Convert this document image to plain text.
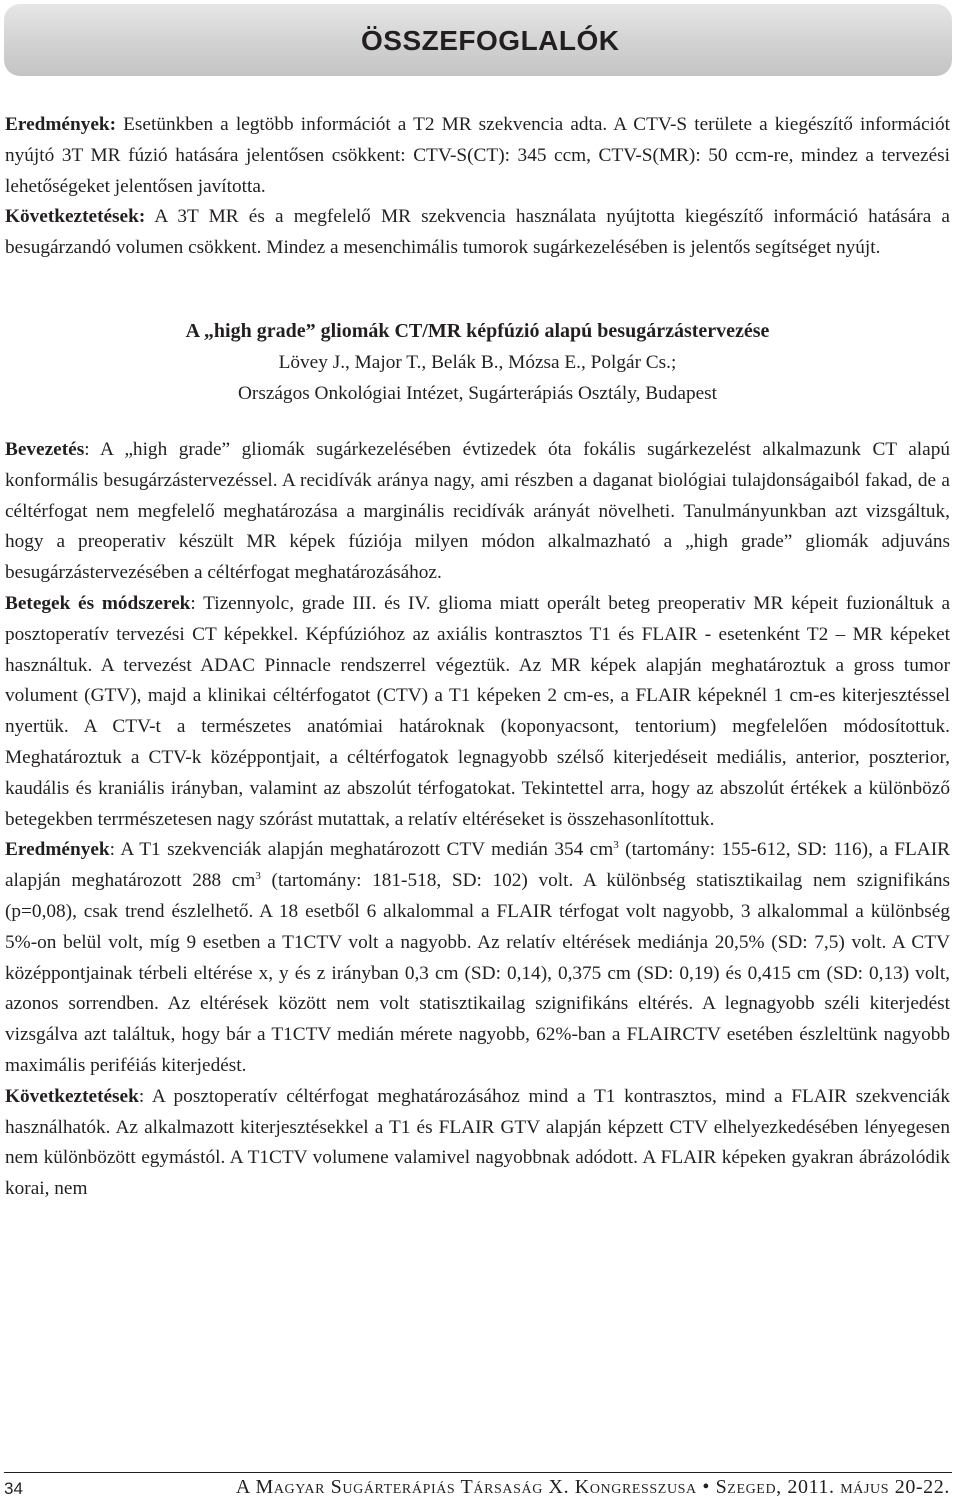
ÖSSZEFOGLALÓK

Eredmények: Esetünkben a legtöbb információt a T2 MR szekvencia adta. A CTV-S területe a kiegészítő információt nyújtó 3T MR fúzió hatására jelentősen csökkent: CTV-S(CT): 345 ccm, CTV-S(MR): 50 ccm-re, mindez a tervezési lehetőségeket jelentősen javította.

Következtetések: A 3T MR és a megfelelő MR szekvencia használata nyújtotta kiegészítő információ hatására a besugárzandó volumen csökkent. Mindez a mesenchimális tumorok sugárkezelésében is jelentős segítséget nyújt.

A „high grade” gliomák CT/MR képfúzió alapú besugárzástervezése
Lövey J., Major T., Belák B., Mózsa E., Polgár Cs.;
Országos Onkológiai Intézet, Sugárterápiás Osztály, Budapest

Bevezetés: A „high grade” gliomák sugárkezelésében évtizedek óta fokális sugárkezelést alkalmazunk CT alapú konformális besugárzástervezéssel. A recidívák aránya nagy, ami részben a daganat biológiai tulajdonságaiból fakad, de a céltérfogat nem megfelelő meghatározása a marginális recidívák arányát növelheti. Tanulmányunkban azt vizsgáltuk, hogy a preoperativ készült MR képek fúziója milyen módon alkalmazható a „high grade” gliomák adjuváns besugárzástervezésében a céltérfogat meghatározásához.

Betegek és módszerek: Tizennyolc, grade III. és IV. glioma miatt operált beteg preoperativ MR képeit fuzionáltuk a posztoperatív tervezési CT képekkel. Képfúzióhoz az axiális kontrasztos T1 és FLAIR - esetenként T2 – MR képeket használtuk. A tervezést ADAC Pinnacle rendszerrel végeztük. Az MR képek alapján meghatároztuk a gross tumor volument (GTV), majd a klinikai céltérfogatot (CTV) a T1 képeken 2 cm-es, a FLAIR képeknél 1 cm-es kiterjesztéssel nyertük. A CTV-t a természetes anatómiai határoknak (koponyacsont, tentorium) megfelelően módosítottuk. Meghatároztuk a CTV-k középpontjait, a céltérfogatok legnagyobb szélső kiterjedéseit mediális, anterior, poszterior, kaudális és kraniális irányban, valamint az abszolút térfogatokat. Tekintettel arra, hogy az abszolút értékek a különböző betegekben terrmészetesen nagy szórást mutattak, a relatív eltéréseket is összehasonlítottuk.

Eredmények: A T1 szekvenciák alapján meghatározott CTV medián 354 $cm^3$ (tartomány: 155-612, SD: 116), a FLAIR alapján meghatározott 288 $cm^3$ (tartomány: 181-518, SD: 102) volt. A különbség statisztikailag nem szignifikáns (p=0,08), csak trend észlelhető. A 18 esetből 6 alkalommal a FLAIR térfogat volt nagyobb, 3 alkalommal a különbség 5%-on belül volt, míg 9 esetben a T1CTV volt a nagyobb. Az relatív eltérések mediánja 20,5% (SD: 7,5) volt. A CTV középpontjainak térbeli eltérése x, y és z irányban 0,3 cm (SD: 0,14), 0,375 cm (SD: 0,19) és 0,415 cm (SD: 0,13) volt, azonos sorrendben. Az eltérések között nem volt statisztikailag szignifikáns eltérés. A legnagyobb széli kiterjedést vizsgálva azt találtuk, hogy bár a T1CTV medián mérete nagyobb, 62%-ban a FLAIRCTV esetében észleltünk nagyobb maximális periféiás kiterjedést.

Következtetések: A posztoperatív céltérfogat meghatározásához mind a T1 kontrasztos, mind a FLAIR szekvenciák használhatók. Az alkalmazott kiterjesztésekkel a T1 és FLAIR GTV alapján képzett CTV elhelyezkedésében lényegesen nem különbözött egymástól. A T1CTV volumene valamivel nagyobbnak adódott. A FLAIR képeken gyakran ábrázolódik korai, nem

34	A Magyar Sugárterápiás Társaság X. Kongresszusa • Szeged, 2011. május 20-22.
